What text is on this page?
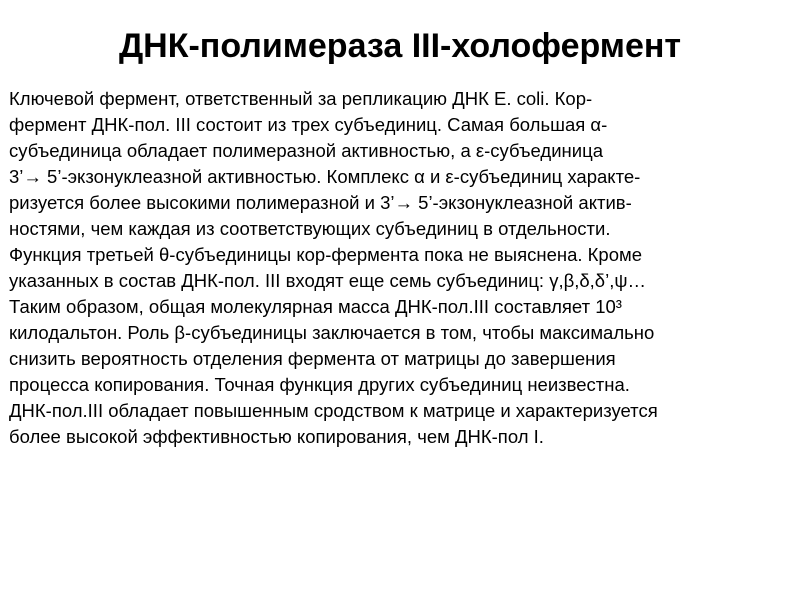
ДНК-полимераза III-холофермент
Ключевой фермент, ответственный за репликацию ДНК E. coli. Кор-
фермент ДНК-пол. III состоит из трех субъединиц. Самая большая α-
субъединица обладает полимеразной активностью, а ε-субъединица
3’→ 5’-экзонуклеазной активностью. Комплекс α и ε-субъединиц характе-
ризуется более высокими полимеразной и 3’→ 5’-экзонуклеазной актив-
ностями, чем каждая из соответствующих субъединиц в отдельности.
Функция третьей θ-субъединицы кор-фермента пока не выяснена. Кроме
указанных в состав ДНК-пол. III входят еще семь субъединиц: γ,β,δ,δ’,ψ…
Таким образом, общая молекулярная масса ДНК-пол.III составляет 10³
килодальтон. Роль β-субъединицы заключается в том, чтобы максимально
снизить вероятность отделения фермента от матрицы до завершения
процесса копирования. Точная функция других субъединиц неизвестна.
ДНК-пол.III обладает повышенным сродством к матрице и характеризуется
более высокой эффективностью копирования, чем ДНК-пол I.
